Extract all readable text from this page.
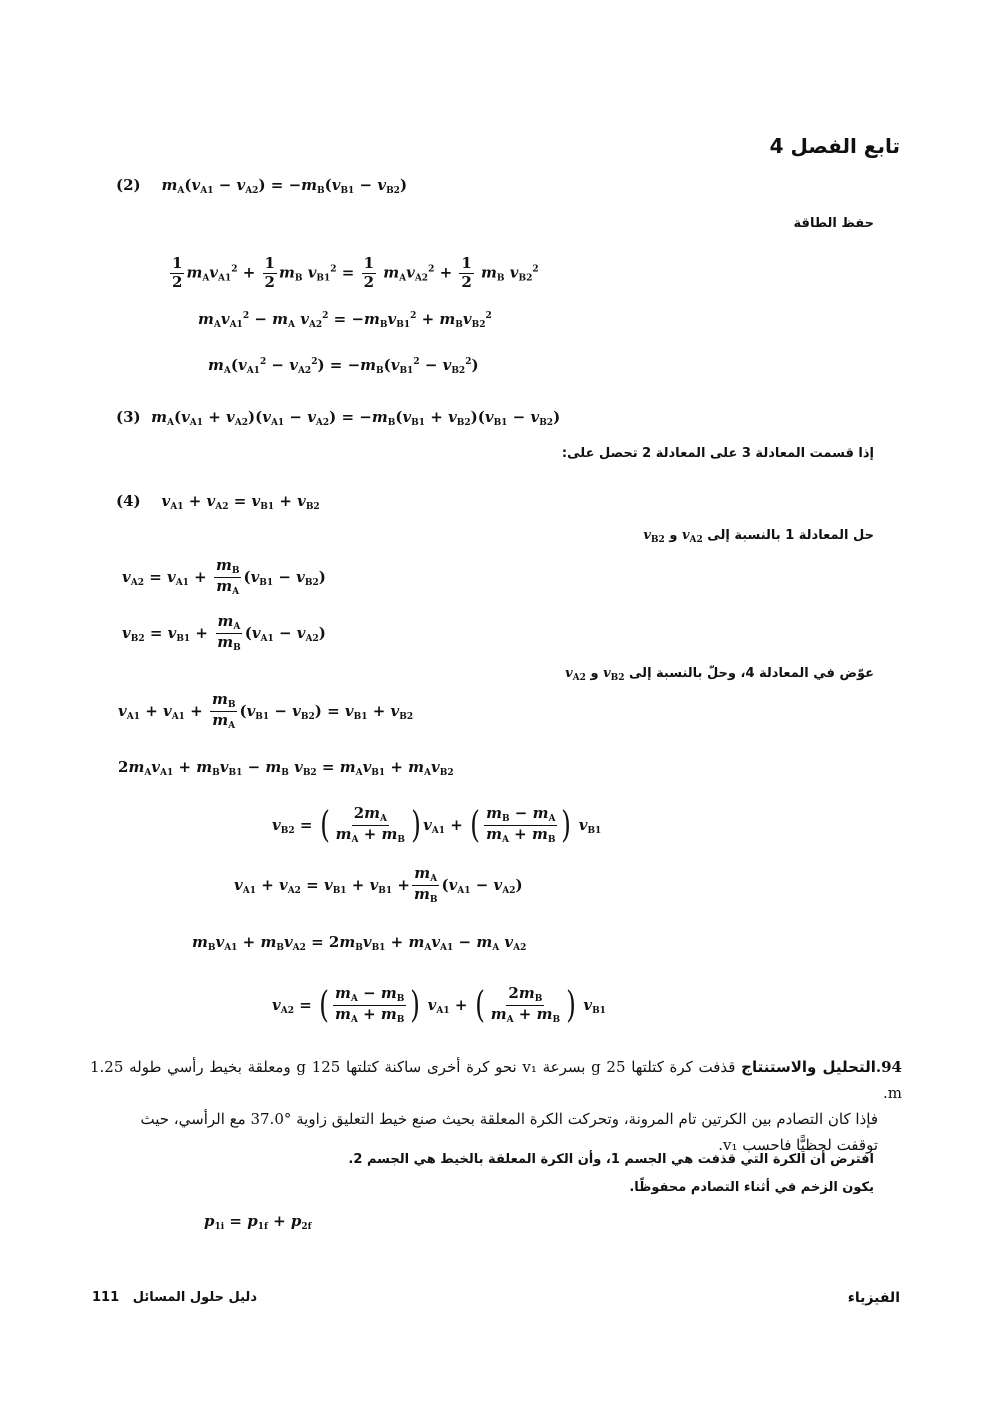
تابع الفصل 4
(2) $m_A(v_{A1} - v_{A2}) = -m_B(v_{B1} - v_{B2})$
حفظ الطاقة
$\frac{1}{2} m_Av_{A1}^2 + \frac{1}{2} m_B$ $v_{B1}^2 = \frac{1}{2} m_Av_{A2}^2 + \frac{1}{2} m_B$ $v_{B2}^2$
$m_Av_{A1}^2 - m_A$ $v_{A2}^2 = -m_Bv_{B1}^2 + m_Bv_{B2}^2$
$m_A(v_{A1}^2 - v_{A2}^2) = -m_B(v_{B1}^2 - v_{B2}^2)$
(3) $m_A(v_{A1} + v_{A2})(v_{A1} - v_{A2}) = -m_B(v_{B1} + v_{B2})(v_{B1} - v_{B2})$
إذا قسمت المعادلة 3 على المعادلة 2 تحصل على:
(4) $v_{A1} + v_{A2} = v_{B1} + v_{B2}$
حل المعادلة 1 بالنسبة إلى $v_{A2}$ و $v_{B2}$
$v_{A2} = v_{A1} + \frac{m_B}{m_A} (v_{B1} - v_{B2})$
$v_{B2} = v_{B1} + \frac{m_A}{m_B} (v_{A1} - v_{A2})$
عوّض في المعادلة 4، وحلّ بالنسبة إلى $v_{B2}$ و $v_{A2}$
$v_{A1} + v_{A1} + \frac{m_B}{m_A} (v_{B1} - v_{B2}) = v_{B1} + v_{B2}$
$2m_Av_{A1} + m_Bv_{B1} - m_B$ $v_{B2} = m_Av_{B1} + m_Av_{B2}$
$v_{B2}$ = ( $\frac{2m_A}{m_A + m_B}$ ) $v_{A1}$ + ( $\frac{m_B - m_A}{m_A + m_B}$ ) $v_{B1}$
$v_{A1} + v_{A2} = v_{B1} + v_{B1} + \frac{m_A}{m_B} (v_{A1} - v_{A2})$
$m_Bv_{A1} + m_Bv_{A2} = 2m_Bv_{B1} + m_Av_{A1} - m_A$ $v_{A2}$
$v_{A2}$ = ( $\frac{m_A - m_B}{m_A + m_B}$ ) $v_{A1}$ + ( $\frac{2m_B}{m_A + m_B}$ ) $v_{B1}$
94.التحليل والاستنتاج قذفت كرة كتلتها 25 g بسرعة v₁ نحو كرة أخرى ساكنة كتلتها 125 g ومعلقة بخيط رأسي طوله 1.25 m.
فإذا كان التصادم بين الكرتين تام المرونة، وتحركت الكرة المعلقة بحيث صنع خيط التعليق زاوية °37.0 مع الرأسي، حيث
توقفت لحظيًّا فاحسب v₁.
افترض أن الكرة التي قذفت هي الجسم 1، وأن الكرة المعلقة بالخيط هي الجسم 2.
يكون الزخم في أثناء التصادم محفوظًا.
$p_{1i} = p_{1f} + p_{2f}$
الفيزياء
111 دليل حلول المسائل
